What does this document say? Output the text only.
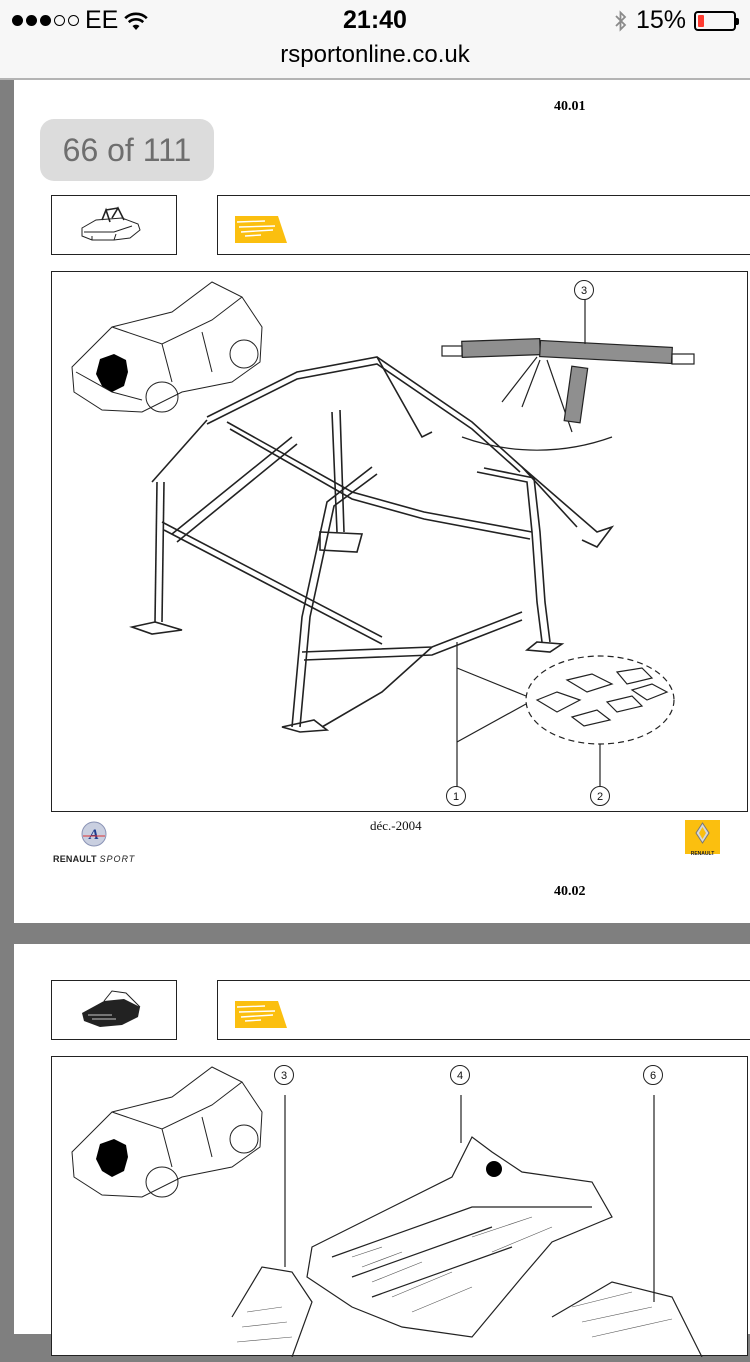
EE	21:40	15%
rsportonline.co.uk
40.01
3
1	2
A
RENAULT SPORT
déc.-2004
RENAULT
40.02
3	4	6
66 of 111
